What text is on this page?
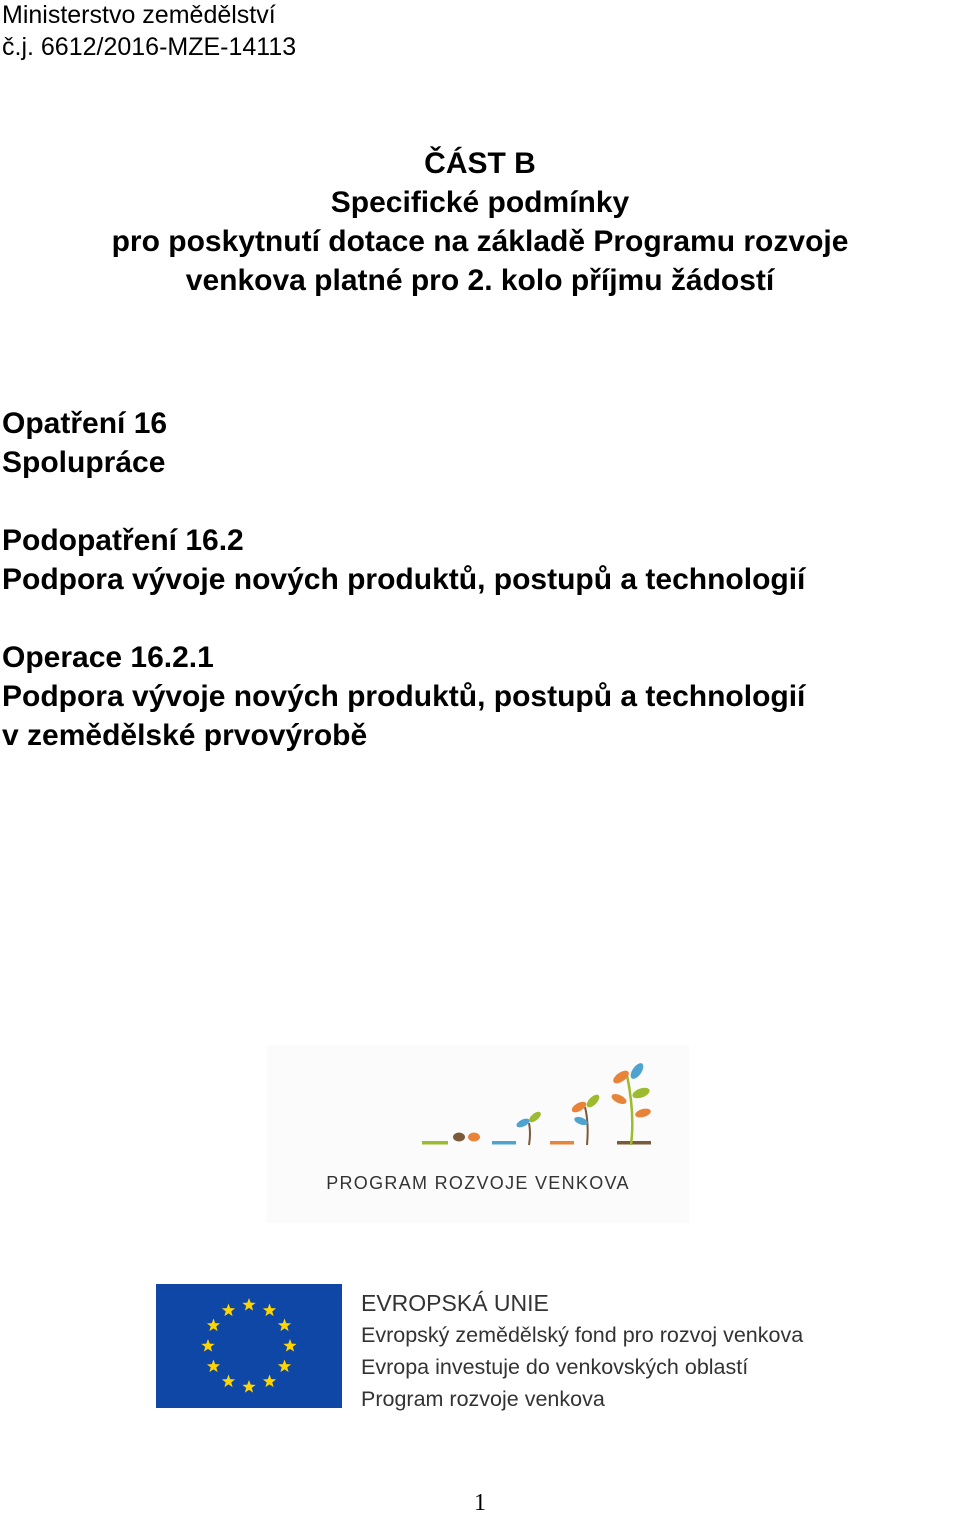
Ministerstvo zemědělství
č.j. 6612/2016-MZE-14113
ČÁST B
Specifické podmínky
pro poskytnutí dotace na základě Programu rozvoje
venkova platné pro 2. kolo příjmu žádostí
Opatření 16
Spolupráce
Podopatření 16.2
Podpora vývoje nových produktů, postupů a technologií
Operace 16.2.1
Podpora vývoje nových produktů, postupů a technologií
v zemědělské prvovýrobě
PROGRAM ROZVOJE VENKOVA
EVROPSKÁ UNIE
Evropský zemědělský fond pro rozvoj venkova
Evropa investuje do venkovských oblastí
Program rozvoje venkova
1
